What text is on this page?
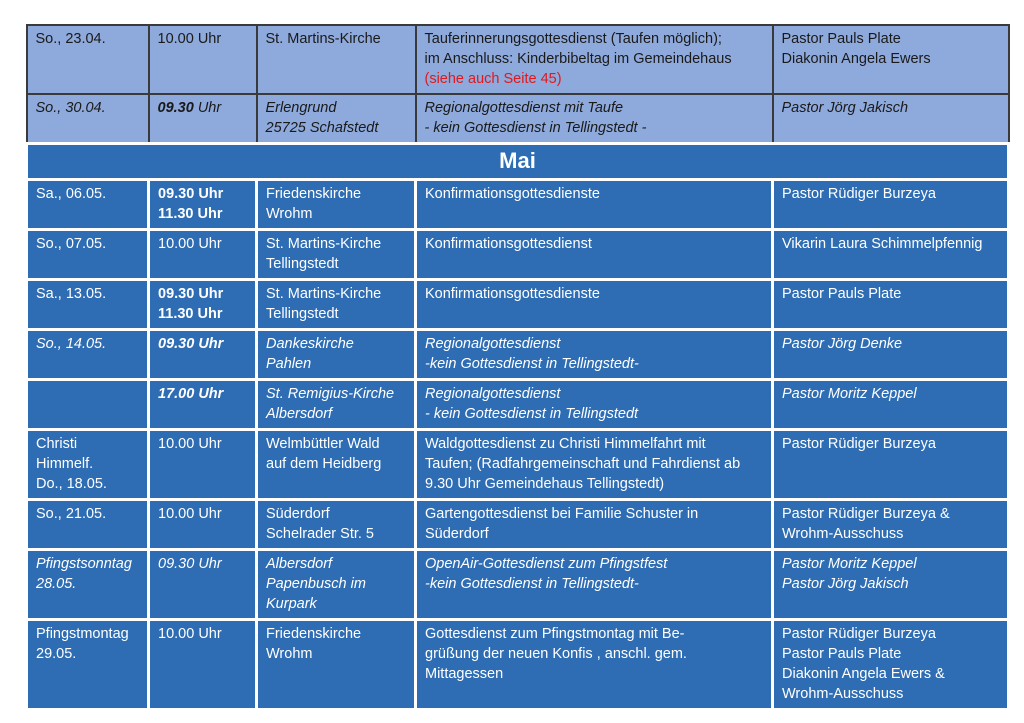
So., 23.04.	10.00 Uhr	St. Martins-Kirche	Tauferinnerungsgottesdienst (Taufen möglich);
im Anschluss: Kinderbibeltag im Gemeindehaus
(siehe auch Seite 45)	Pastor Pauls Plate
Diakonin Angela Ewers

So., 30.04.	09.30 Uhr	Erlengrund
25725 Schafstedt	Regionalgottesdienst mit Taufe
- kein Gottesdienst in Tellingstedt -	Pastor Jörg Jakisch
Mai				

Sa., 06.05.	09.30 Uhr
11.30 Uhr	Friedenskirche
Wrohm	Konfirmationsgottesdienste	Pastor Rüdiger Burzeya

So., 07.05.	10.00 Uhr	St. Martins-Kirche
Tellingstedt	Konfirmationsgottesdienst	Vikarin Laura Schimmelpfennig

Sa., 13.05.	09.30 Uhr
11.30 Uhr	St. Martins-Kirche
Tellingstedt	Konfirmationsgottesdienste	Pastor Pauls Plate

So., 14.05.	09.30 Uhr	Dankeskirche
Pahlen	Regionalgottesdienst
-kein Gottesdienst in Tellingstedt-	Pastor Jörg Denke

	17.00 Uhr	St. Remigius-Kirche
Albersdorf	Regionalgottesdienst
- kein Gottesdienst in Tellingstedt	Pastor Moritz Keppel

Christi
Himmelf.
Do., 18.05.	10.00 Uhr	Welmbüttler Wald
auf dem Heidberg	Waldgottesdienst zu Christi Himmelfahrt mit
Taufen; (Radfahrgemeinschaft und Fahrdienst ab
9.30 Uhr Gemeindehaus Tellingstedt)	Pastor Rüdiger Burzeya

So., 21.05.	10.00 Uhr	Süderdorf
Schelrader Str. 5	Gartengottesdienst bei Familie Schuster in
Süderdorf	Pastor Rüdiger Burzeya &
Wrohm-Ausschuss

Pfingstsonntag
28.05.	09.30 Uhr	Albersdorf
Papenbusch im
Kurpark	OpenAir-Gottesdienst zum Pfingstfest
-kein Gottesdienst in Tellingstedt-	Pastor Moritz Keppel
Pastor Jörg Jakisch

Pfingstmontag
29.05.	10.00 Uhr	Friedenskirche
Wrohm	Gottesdienst zum Pfingstmontag mit Be-
grüßung der neuen Konfis , anschl. gem.
Mittagessen	Pastor Rüdiger Burzeya
Pastor Pauls Plate
Diakonin Angela Ewers &
Wrohm-Ausschuss
